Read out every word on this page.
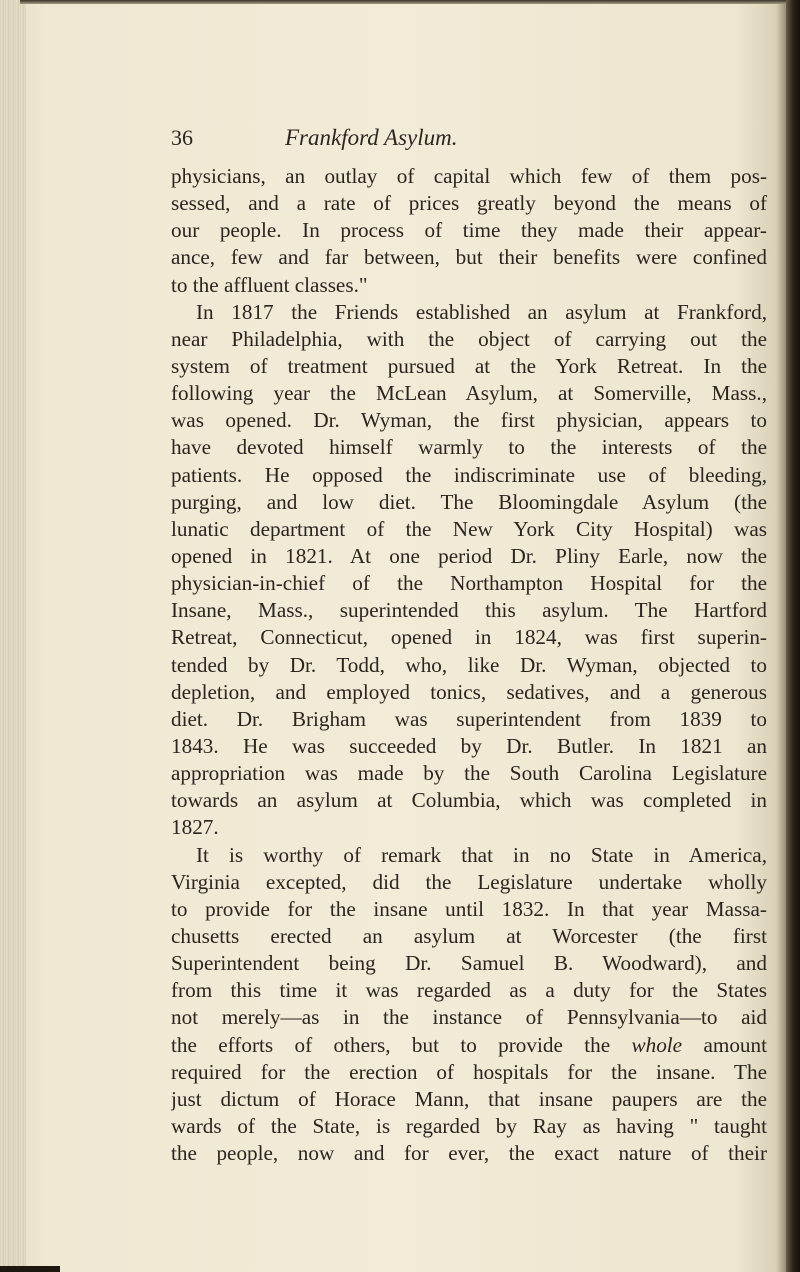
36	Frankford Asylum.
physicians, an outlay of capital which few of them pos-
sessed, and a rate of prices greatly beyond the means of
our people. In process of time they made their appear-
ance, few and far between, but their benefits were confined
to the affluent classes."
In 1817 the Friends established an asylum at Frankford,
near Philadelphia, with the object of carrying out the
system of treatment pursued at the York Retreat. In the
following year the McLean Asylum, at Somerville, Mass.,
was opened. Dr. Wyman, the first physician, appears to
have devoted himself warmly to the interests of the
patients. He opposed the indiscriminate use of bleeding,
purging, and low diet. The Bloomingdale Asylum (the
lunatic department of the New York City Hospital) was
opened in 1821. At one period Dr. Pliny Earle, now the
physician-in-chief of the Northampton Hospital for the
Insane, Mass., superintended this asylum. The Hartford
Retreat, Connecticut, opened in 1824, was first superin-
tended by Dr. Todd, who, like Dr. Wyman, objected to
depletion, and employed tonics, sedatives, and a generous
diet. Dr. Brigham was superintendent from 1839 to
1843. He was succeeded by Dr. Butler. In 1821 an
appropriation was made by the South Carolina Legislature
towards an asylum at Columbia, which was completed in
1827.
It is worthy of remark that in no State in America,
Virginia excepted, did the Legislature undertake wholly
to provide for the insane until 1832. In that year Massa-
chusetts erected an asylum at Worcester (the first
Superintendent being Dr. Samuel B. Woodward), and
from this time it was regarded as a duty for the States
not merely—as in the instance of Pennsylvania—to aid
the efforts of others, but to provide the whole amount
required for the erection of hospitals for the insane. The
just dictum of Horace Mann, that insane paupers are the
wards of the State, is regarded by Ray as having " taught
the people, now and for ever, the exact nature of their
